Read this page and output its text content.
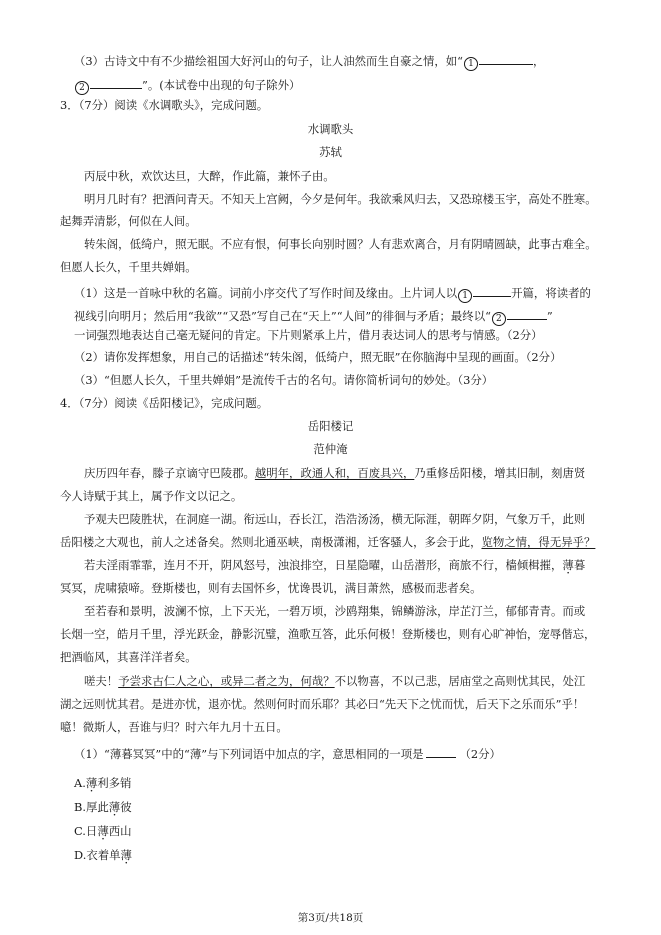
（3）古诗文中有不少描绘祖国大好河山的句子，让人油然而生自豪之情，如“ 1	，
2	”。(本试卷中出现的句子除外）
3．（7分）阅读《水调歌头》，完成问题。
水调歌头
苏轼
丙辰中秋，欢饮达旦，大醉，作此篇，兼怀子由。
明月几时有？把酒问青天。不知天上宫阙，今夕是何年。我欲乘风归去，又恐琼楼玉宇，高处不胜寒。
起舞弄清影，何似在人间。
转朱阁，低绮户，照无眠。不应有恨，何事长向别时圆？人有悲欢离合，月有阴晴圆缺，此事古难全。
但愿人长久，千里共婵娟。
（1）这是一首咏中秋的名篇。词前小序交代了写作时间及缘由。上片词人以 1	开篇，将读者的
视线引向明月；然后用“我欲”“又恐”写自己在“天上”“人间”的徘徊与矛盾；最终以“ 2	”
一词强烈地表达自己毫无疑问的肯定。下片则紧承上片，借月表达词人的思考与情感。（2分）
（2）请你发挥想象，用自己的话描述“转朱阁，低绮户，照无眠”在你脑海中呈现的画面。（2分）
（3）“但愿人长久，千里共婵娟”是流传千古的名句。请你简析词句的妙处。（3分）
4．（7分）阅读《岳阳楼记》，完成问题。
岳阳楼记
范仲淹
庆历四年春，滕子京谪守巴陵郡。越明年，政通人和，百废具兴，乃重修岳阳楼，增其旧制，刻唐贤
今人诗赋于其上，属予作文以记之。
予观夫巴陵胜状，在洞庭一湖。衔远山，吞长江，浩浩汤汤，横无际涯，朝晖夕阴，气象万千，此则
岳阳楼之大观也，前人之述备矣。然则北通巫峡，南极潇湘，迁客骚人，多会于此，览物之情，得无异乎？
若夫淫雨霏霏，连月不开，阴风怒号，浊浪排空，日星隐曜，山岳潜形，商旅不行，樯倾楫摧，薄暮
冥冥，虎啸猿啼。登斯楼也，则有去国怀乡，忧谗畏讥，满目萧然，感极而悲者矣。
至若春和景明，波澜不惊，上下天光，一碧万顷，沙鸥翔集，锦鳞游泳，岸芷汀兰，郁郁青青。而或
长烟一空，皓月千里，浮光跃金，静影沉璧，渔歌互答，此乐何极！登斯楼也，则有心旷神怡，宠辱偕忘，
把酒临风，其喜洋洋者矣。
嗟夫！予尝求古仁人之心，或异二者之为，何哉？不以物喜，不以己悲，居庙堂之高则忧其民，处江
湖之远则忧其君。是进亦忧，退亦忧。然则何时而乐耶？其必曰“先天下之忧而忧，后天下之乐而乐”乎！
噫！微斯人，吾谁与归？时六年九月十五日。
（1）“薄暮冥冥”中的“薄”与下列词语中加点的字，意思相同的一项是	（2分）
A.薄利多销
B.厚此薄彼
C.日薄西山
D.衣着单薄
第3页/共18页
